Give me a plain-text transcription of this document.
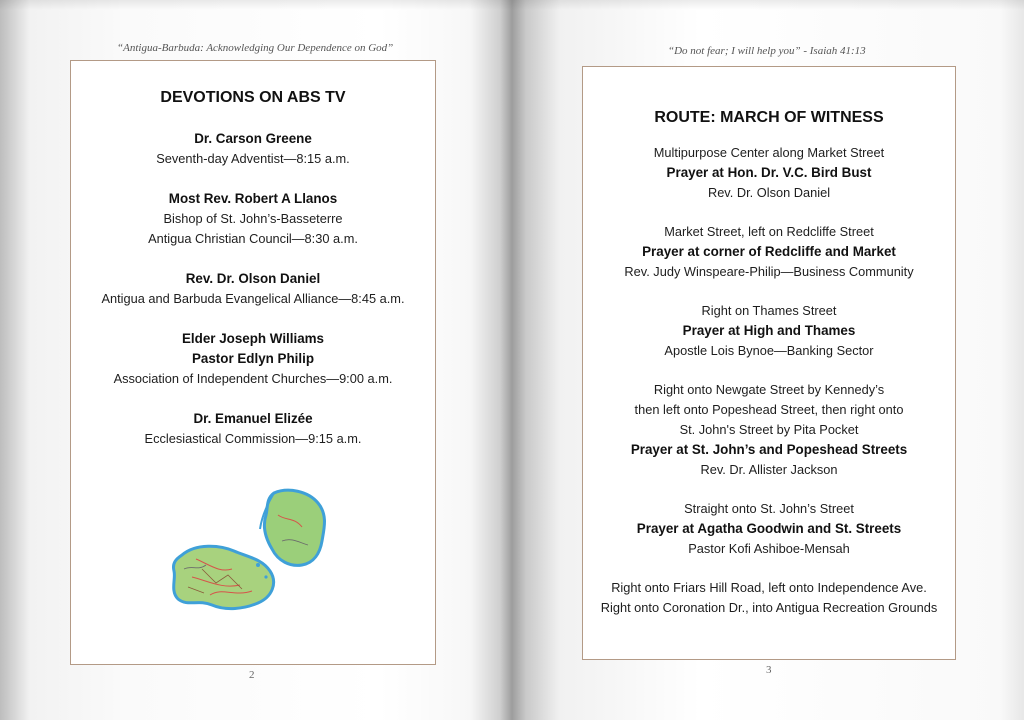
“Antigua-Barbuda: Acknowledging Our Dependence on God”
DEVOTIONS ON ABS TV
Dr. Carson Greene
Seventh-day Adventist—8:15 a.m.
Most Rev. Robert A Llanos
Bishop of St. John’s-Basseterre
Antigua Christian Council—8:30 a.m.
Rev. Dr. Olson Daniel
Antigua and Barbuda Evangelical Alliance—8:45 a.m.
Elder Joseph Williams
Pastor Edlyn Philip
Association of Independent Churches—9:00 a.m.
Dr. Emanuel Elizée
Ecclesiastical Commission—9:15 a.m.
2
“Do not fear; I will help you” - Isaiah 41:13
ROUTE: MARCH OF WITNESS
Multipurpose Center along Market Street
Prayer at Hon. Dr. V.C. Bird Bust
Rev. Dr. Olson Daniel
Market Street, left on Redcliffe Street
Prayer at corner of Redcliffe and Market
Rev. Judy Winspeare-Philip—Business Community
Right on Thames Street
Prayer at High and Thames
Apostle Lois Bynoe—Banking Sector
Right onto Newgate Street by Kennedy’s
then left onto Popeshead Street, then right onto
St. John's Street by Pita Pocket
Prayer at St. John’s and Popeshead Streets
Rev. Dr. Allister Jackson
Straight onto St. John’s Street
Prayer at Agatha Goodwin and St. Streets
Pastor Kofi Ashiboe-Mensah
Right onto Friars Hill Road, left onto Independence Ave.
Right onto Coronation Dr., into Antigua Recreation Grounds
3
